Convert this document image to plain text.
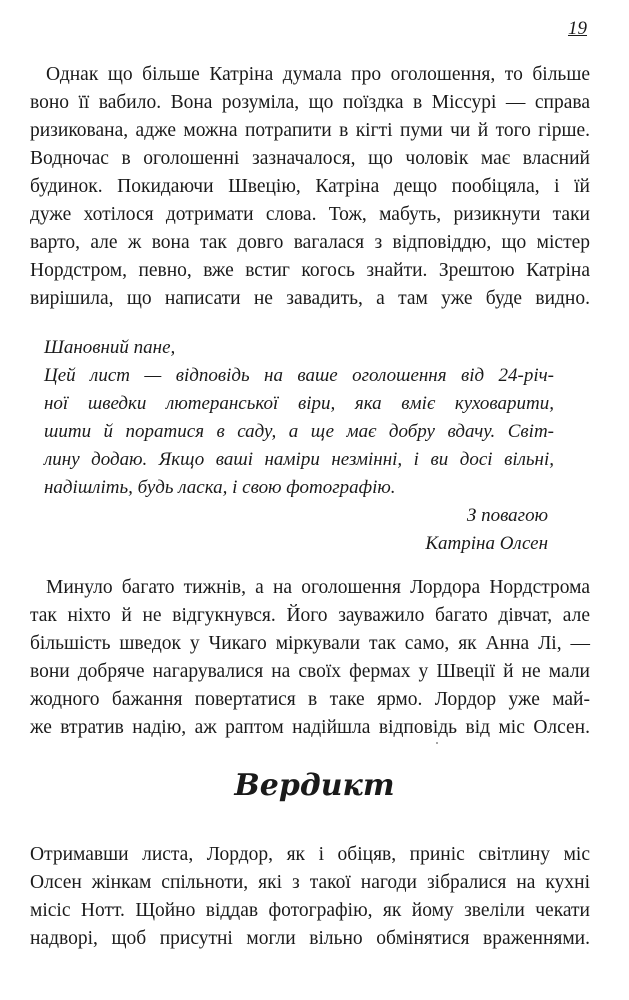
19
Однак що більше Катріна думала про оголошення, то більше
воно її вабило. Вона розуміла, що поїздка в Міссурі — справа
ризикована, адже можна потрапити в кігті пуми чи й того гірше.
Водночас в оголошенні зазначалося, що чоловік має власний
будинок. Покидаючи Швецію, Катріна дещо пообіцяла, і їй
дуже хотілося дотримати слова. Тож, мабуть, ризикнути таки
варто, але ж вона так довго вагалася з відповіддю, що містер
Нордстром, певно, вже встиг когось знайти. Зрештою Катріна
вирішила, що написати не завадить, а там уже буде видно.
Шановний пане,
Цей лист — відповідь на ваше оголошення від 24-річ-
ної шведки лютеранської віри, яка вміє куховарити,
шити й поратися в саду, а ще має добру вдачу. Світ-
лину додаю. Якщо ваші наміри незмінні, і ви досі вільні,
надішліть, будь ласка, і свою фотографію.
З повагою
Катріна Олсен
Минуло багато тижнів, а на оголошення Лордора Нордстрома
так ніхто й не відгукнувся. Його зауважило багато дівчат, але
більшість шведок у Чикаго міркували так само, як Анна Лі, —
вони добряче нагарувалися на своїх фермах у Швеції й не мали
жодного бажання повертатися в таке ярмо. Лордор уже май-
же втратив надію, аж раптом надійшла відповідь від міс Олсен.
Вердикт
Отримавши листа, Лордор, як і обіцяв, приніс світлину міс
Олсен жінкам спільноти, які з такої нагоди зібралися на кухні
місіс Нотт. Щойно віддав фотографію, як йому звеліли чекати
надворі, щоб присутні могли вільно обмінятися враженнями.
